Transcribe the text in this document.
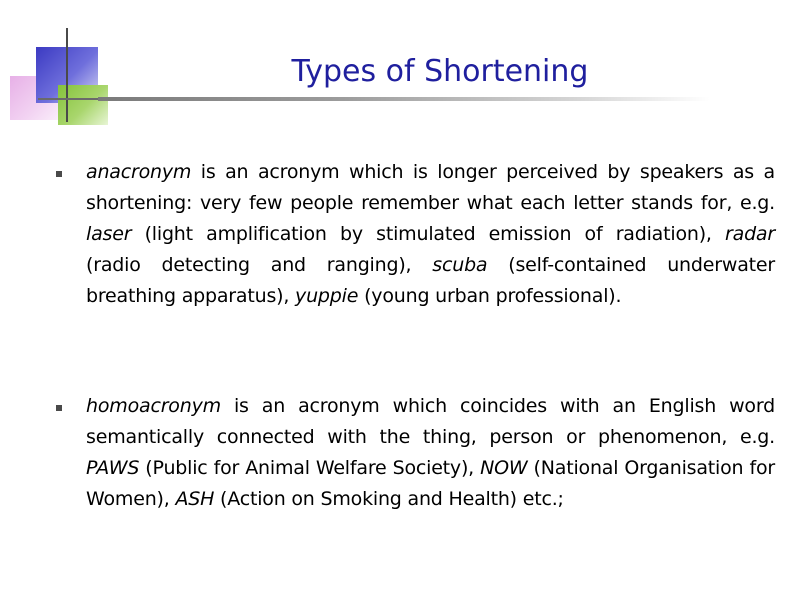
Types of Shortening
anacronym is an acronym which is longer perceived by speakers as a shortening: very few people remember what each letter stands for, e.g. laser (light amplification by stimulated emission of radiation), radar (radio detecting and ranging), scuba (self-contained underwater breathing apparatus), yuppie (young urban professional).
homoacronym is an acronym which coincides with an English word semantically connected with the thing, person or phenomenon, e.g. PAWS (Public for Animal Welfare Society), NOW (National Organisation for Women), ASH (Action on Smoking and Health) etc.;
